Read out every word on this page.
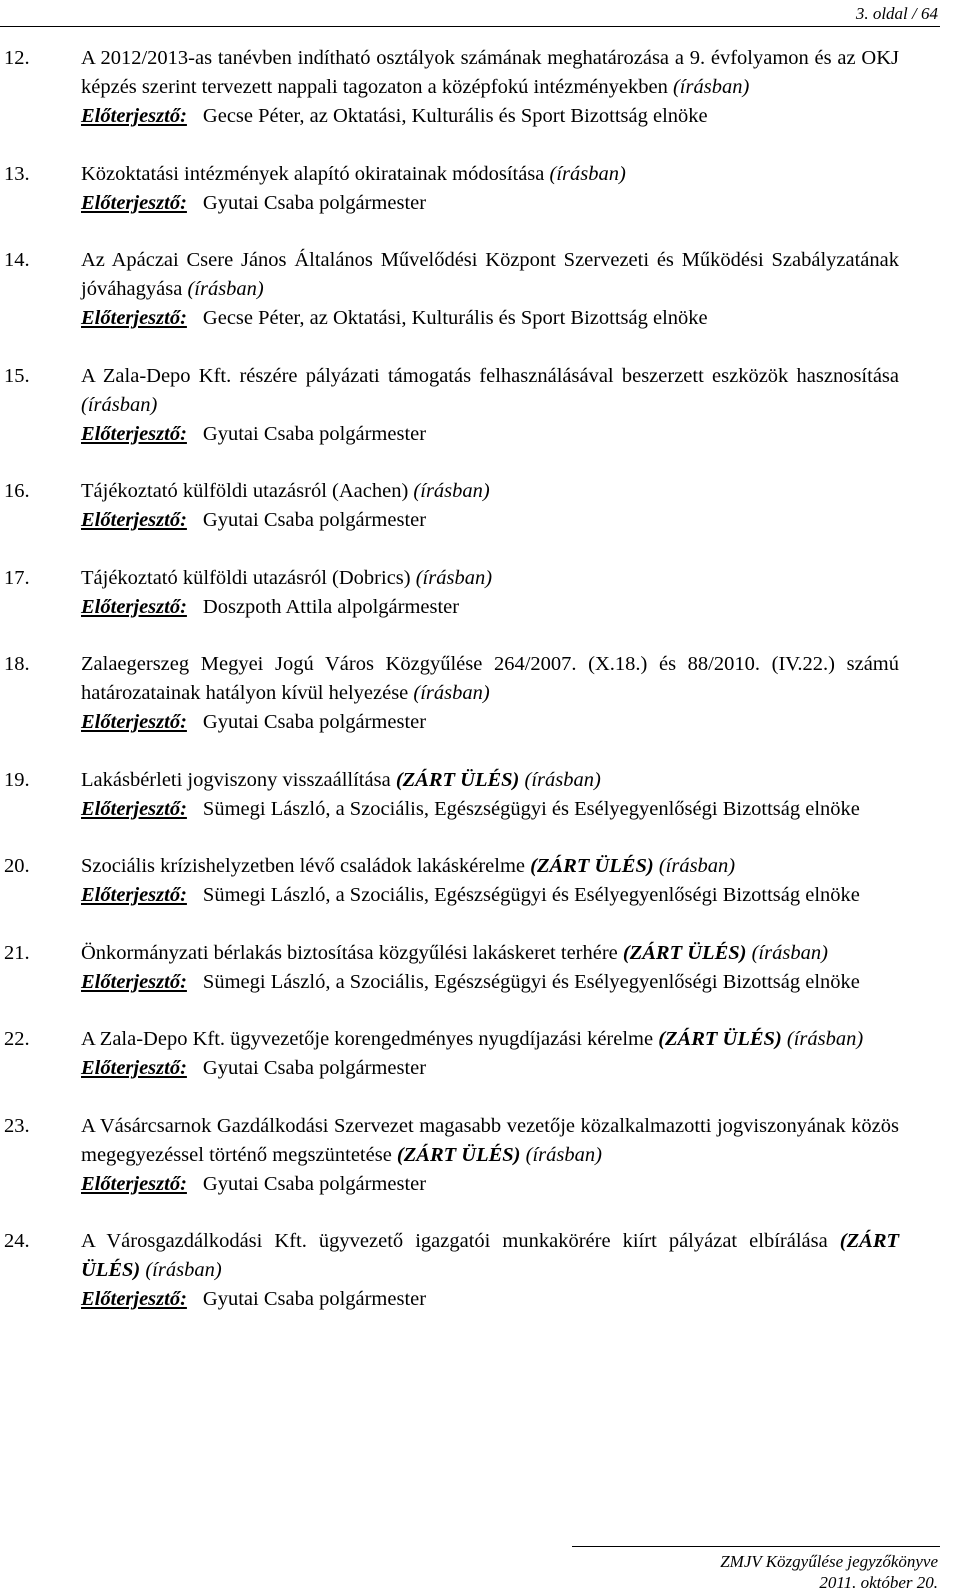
3. oldal / 64
12.	A 2012/2013-as tanévben indítható osztályok számának meghatározása a 9. évfolyamon és az OKJ képzés szerint tervezett nappali tagozaton a középfokú intézményekben (írásban)
Előterjesztő: Gecse Péter, az Oktatási, Kulturális és Sport Bizottság elnöke
13.	Közoktatási intézmények alapító okiratainak módosítása (írásban)
Előterjesztő: Gyutai Csaba polgármester
14.	Az Apáczai Csere János Általános Művelődési Központ Szervezeti és Működési Szabályzatának jóváhagyása (írásban)
Előterjesztő: Gecse Péter, az Oktatási, Kulturális és Sport Bizottság elnöke
15.	A Zala-Depo Kft. részére pályázati támogatás felhasználásával beszerzett eszközök hasznosítása (írásban)
Előterjesztő: Gyutai Csaba polgármester
16.	Tájékoztató külföldi utazásról (Aachen) (írásban)
Előterjesztő: Gyutai Csaba polgármester
17.	Tájékoztató külföldi utazásról (Dobrics) (írásban)
Előterjesztő: Doszpoth Attila alpolgármester
18.	Zalaegerszeg Megyei Jogú Város Közgyűlése 264/2007. (X.18.) és 88/2010. (IV.22.) számú határozatainak hatályon kívül helyezése (írásban)
Előterjesztő: Gyutai Csaba polgármester
19.	Lakásbérleti jogviszony visszaállítása (ZÁRT ÜLÉS) (írásban)
Előterjesztő: Sümegi László, a Szociális, Egészségügyi és Esélyegyenlőségi Bizottság elnöke
20.	Szociális krízishelyzetben lévő családok lakáskérelme (ZÁRT ÜLÉS) (írásban)
Előterjesztő: Sümegi László, a Szociális, Egészségügyi és Esélyegyenlőségi Bizottság elnöke
21.	Önkormányzati bérlakás biztosítása közgyűlési lakáskeret terhére (ZÁRT ÜLÉS) (írásban)
Előterjesztő: Sümegi László, a Szociális, Egészségügyi és Esélyegyenlőségi Bizottság elnöke
22.	A Zala-Depo Kft. ügyvezetője korengedményes nyugdíjazási kérelme (ZÁRT ÜLÉS) (írásban)
Előterjesztő: Gyutai Csaba polgármester
23.	A Vásárcsarnok Gazdálkodási Szervezet magasabb vezetője közalkalmazotti jogviszonyának közös megegyezéssel történő megszüntetése (ZÁRT ÜLÉS) (írásban)
Előterjesztő: Gyutai Csaba polgármester
24.	A Városgazdálkodási Kft. ügyvezető igazgatói munkakörére kiírt pályázat elbírálása (ZÁRT ÜLÉS) (írásban)
Előterjesztő: Gyutai Csaba polgármester
ZMJV Közgyűlése jegyzőkönyve
2011. október 20.
